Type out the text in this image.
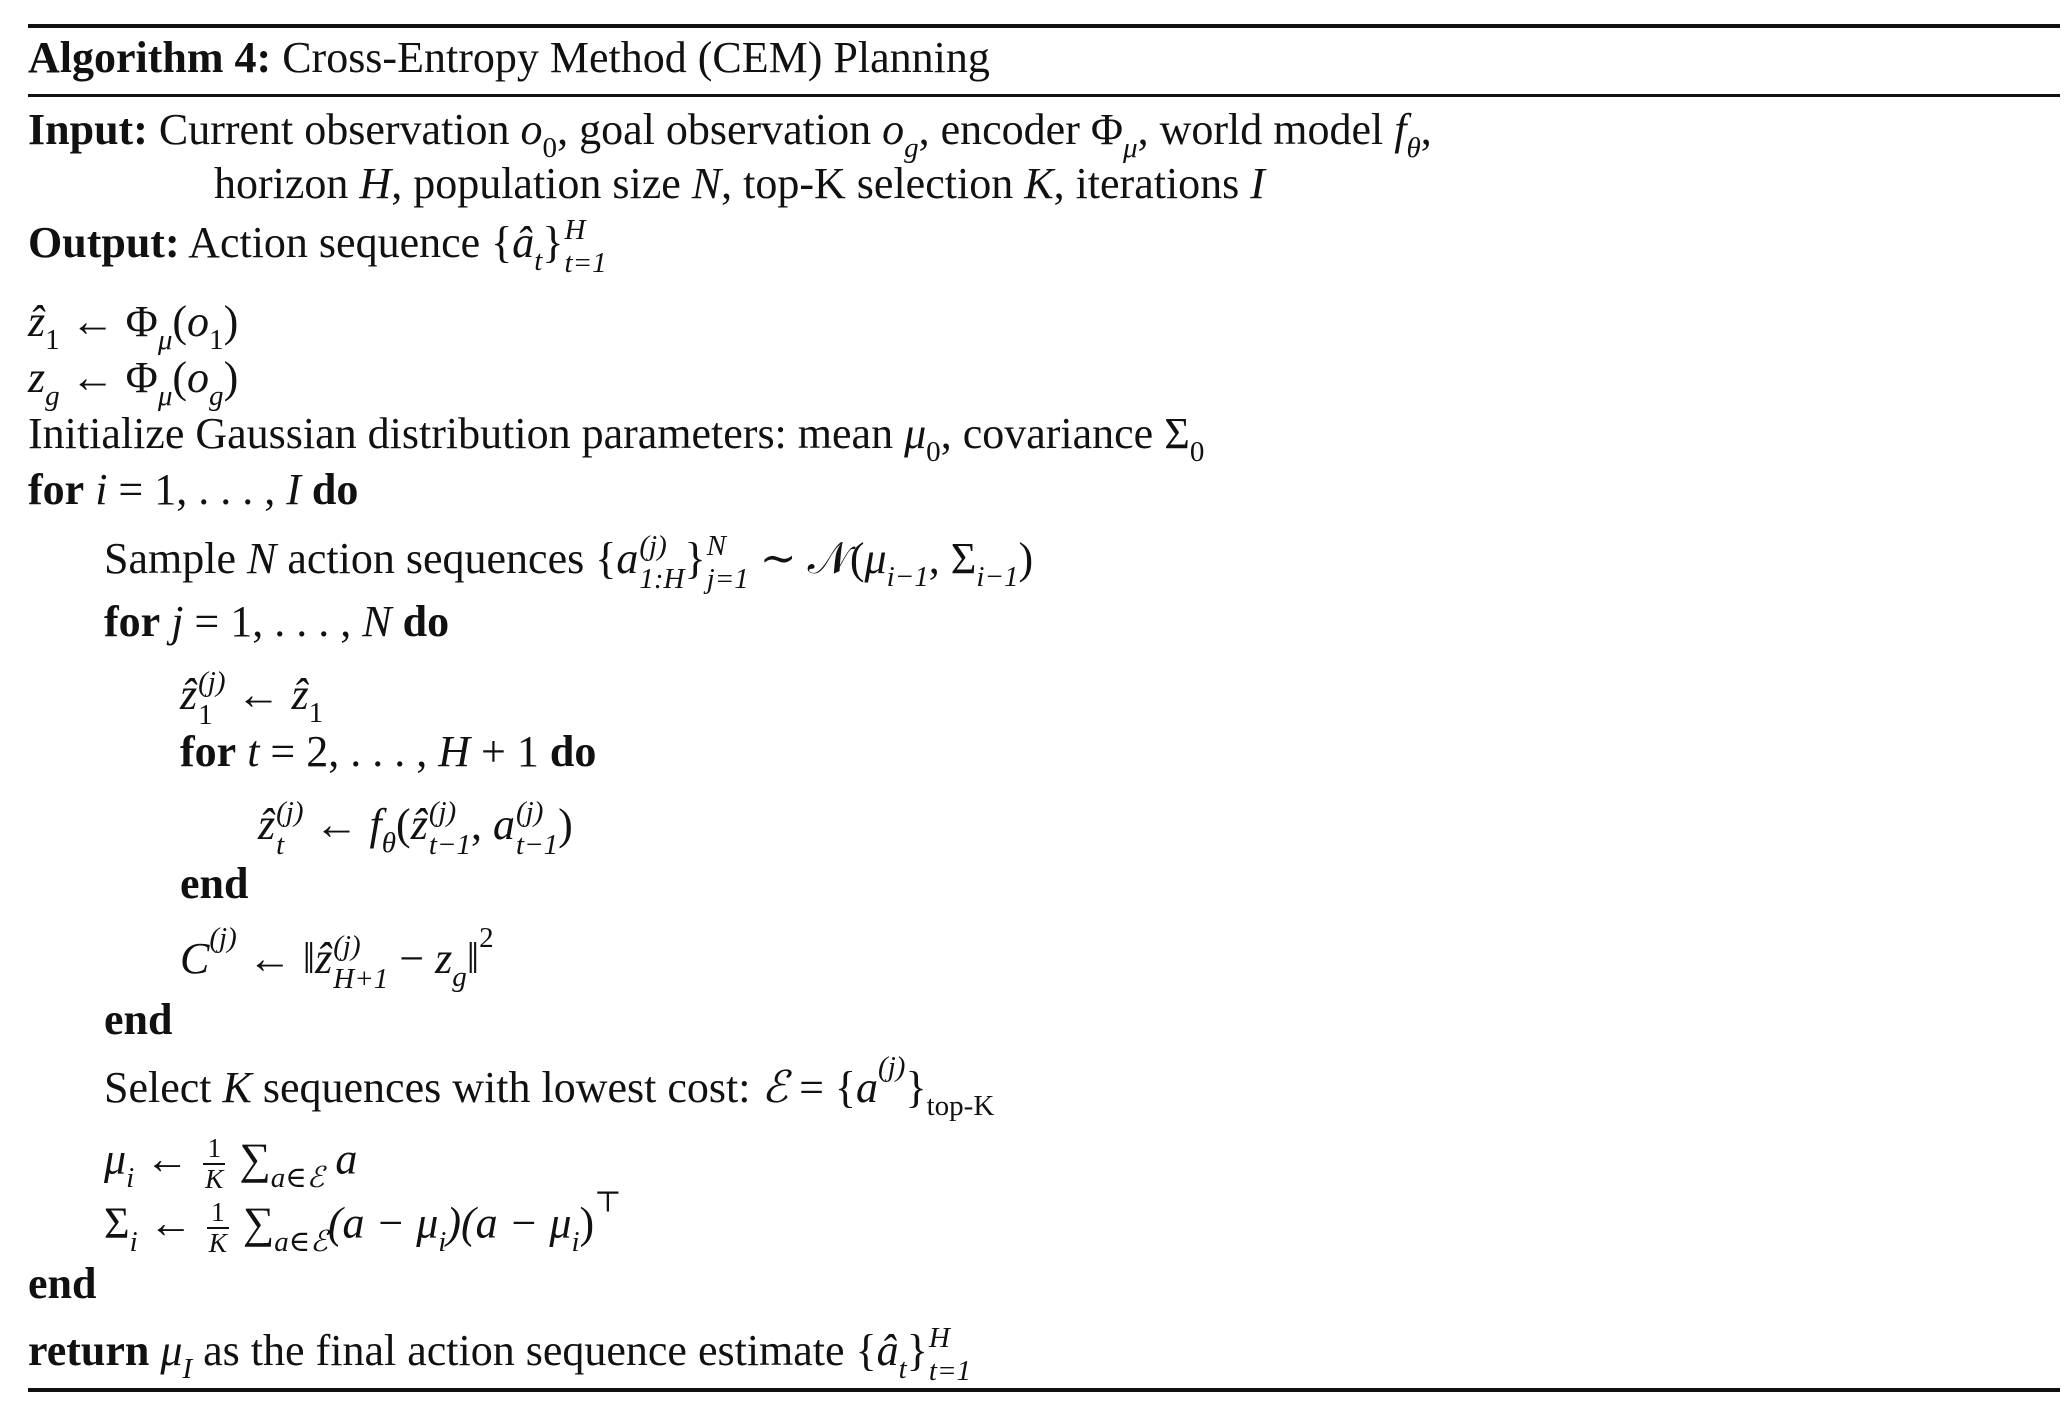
Algorithm 4: Cross-Entropy Method (CEM) Planning
Input: Current observation $o_0$, goal observation $o_g$, encoder $\Phi_\mu$, world model $f_\theta$,
horizon H, population size N, top-K selection K, iterations I
Output: Action sequence $\{â_t\}$ H
t=1
ẑ$_1$ ← $\Phi_\mu(o_1)$
$z_g$ ← $\Phi_\mu(o_g)$
Initialize Gaussian distribution parameters: mean $\mu_0$, covariance $\Sigma_0$
for i = 1, . . . , I do
Sample N action sequences {a (j)
1:H } N
j=1 ∼ $𝒩(\mu_{i-1}$, $\Sigma_{i-1}$)
for j = 1, . . . , N do
ẑ (j)
1 ← ẑ$_1$
for t = 2, . . . , H + 1 do
ẑ (j)
t ← $f_\theta(ẑ$ (j)
t−1 , a (j)
t−1 )
end
$C^{(j)}$ ← ‖ẑ (j)
$H+1 - z_g‖^2$
end
Select K sequences with lowest cost: ℰ = $\{a^{(j)}\}_{top-K}$
$\mu_i$ ← $\frac{1}{K} \sum_{a\in ℰ}$ a
$\Sigma_i$ ← $\frac{1}{K} \sum_{a\in ℰ}(a - \mu_i)(a - \mu_i)^⊤$
end
return $\mu_I$ as the final action sequence estimate $\{â_t\}$ H
t=1
